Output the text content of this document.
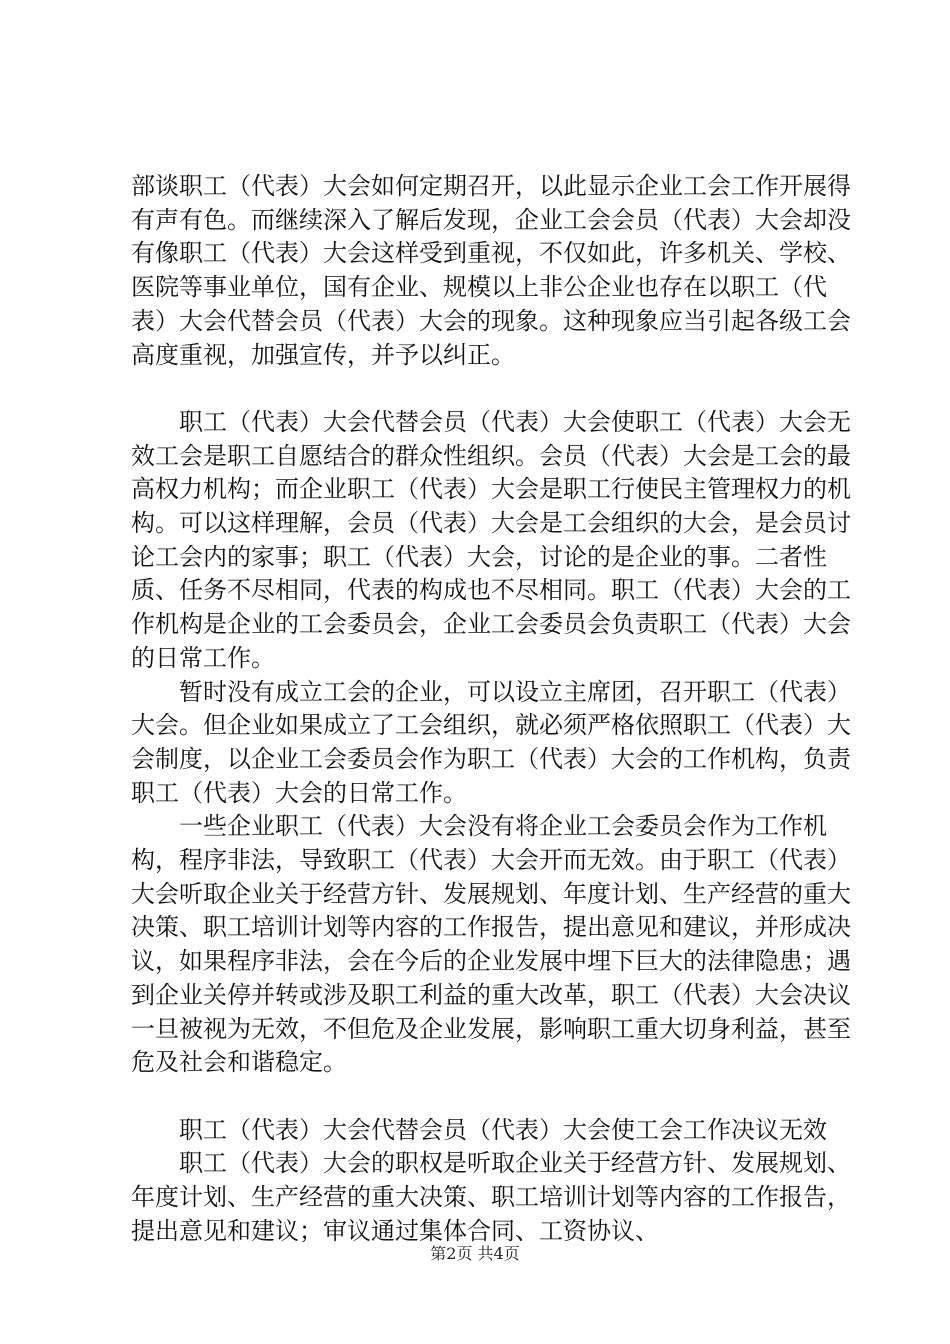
部谈职工（代表）大会如何定期召开，以此显示企业工会工作开展得有声有色。而继续深入了解后发现，企业工会会员（代表）大会却没有像职工（代表）大会这样受到重视，不仅如此，许多机关、学校、医院等事业单位，国有企业、规模以上非公企业也存在以职工（代表）大会代替会员（代表）大会的现象。这种现象应当引起各级工会高度重视，加强宣传，并予以纠正。

职工（代表）大会代替会员（代表）大会使职工（代表）大会无效工会是职工自愿结合的群众性组织。会员（代表）大会是工会的最高权力机构；而企业职工（代表）大会是职工行使民主管理权力的机构。可以这样理解，会员（代表）大会是工会组织的大会，是会员讨论工会内的家事；职工（代表）大会，讨论的是企业的事。二者性质、任务不尽相同，代表的构成也不尽相同。职工（代表）大会的工作机构是企业的工会委员会，企业工会委员会负责职工（代表）大会的日常工作。

暂时没有成立工会的企业，可以设立主席团，召开职工（代表）大会。但企业如果成立了工会组织，就必须严格依照职工（代表）大会制度，以企业工会委员会作为职工（代表）大会的工作机构，负责职工（代表）大会的日常工作。

一些企业职工（代表）大会没有将企业工会委员会作为工作机构，程序非法，导致职工（代表）大会开而无效。由于职工（代表）大会听取企业关于经营方针、发展规划、年度计划、生产经营的重大决策、职工培训计划等内容的工作报告，提出意见和建议，并形成决议，如果程序非法，会在今后的企业发展中埋下巨大的法律隐患；遇到企业关停并转或涉及职工利益的重大改革，职工（代表）大会决议一旦被视为无效，不但危及企业发展，影响职工重大切身利益，甚至危及社会和谐稳定。

职工（代表）大会代替会员（代表）大会使工会工作决议无效

职工（代表）大会的职权是听取企业关于经营方针、发展规划、年度计划、生产经营的重大决策、职工培训计划等内容的工作报告，提出意见和建议；审议通过集体合同、工资协议、

第2页 共4页
